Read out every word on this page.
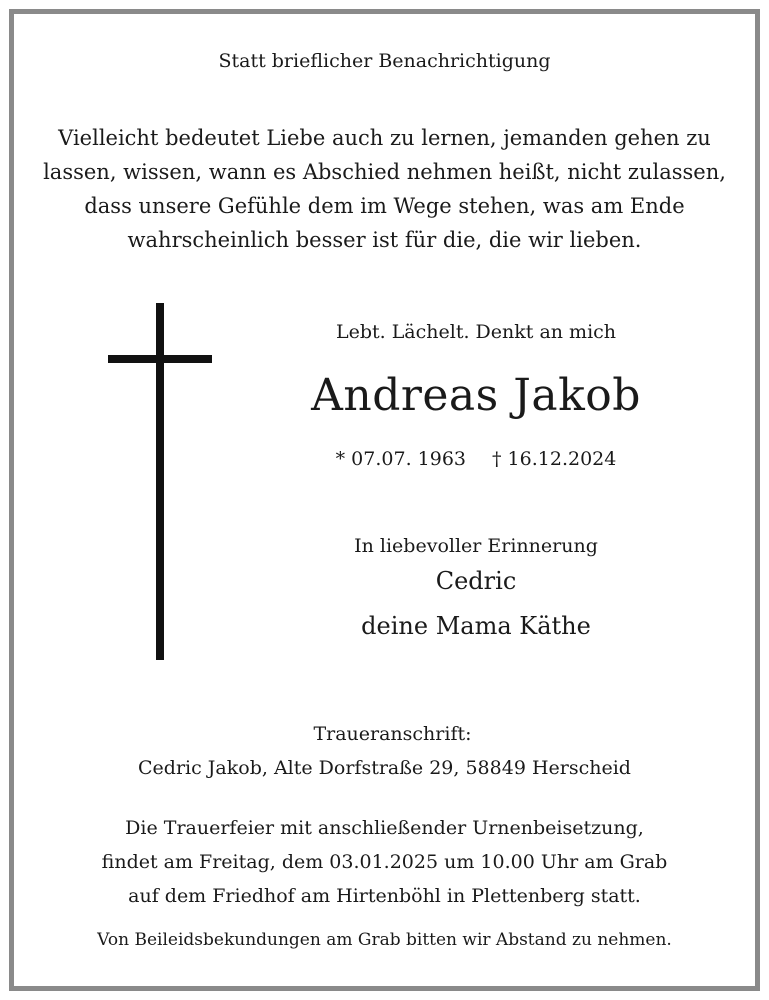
Statt brieflicher Benachrichtigung
Vielleicht bedeutet Liebe auch zu lernen, jemanden gehen zu
lassen, wissen, wann es Abschied nehmen heißt, nicht zulassen,
dass unsere Gefühle dem im Wege stehen, was am Ende
wahrscheinlich besser ist für die, die wir lieben.
Lebt. Lächelt. Denkt an mich
Andreas Jakob
* 07.07. 1963 † 16.12.2024
In liebevoller Erinnerung
Cedric
deine Mama Käthe
Traueranschrift:
Cedric Jakob, Alte Dorfstraße 29, 58849 Herscheid
Die Trauerfeier mit anschließender Urnenbeisetzung,
findet am Freitag, dem 03.01.2025 um 10.00 Uhr am Grab
auf dem Friedhof am Hirtenböhl in Plettenberg statt.
Von Beileidsbekundungen am Grab bitten wir Abstand zu nehmen.
